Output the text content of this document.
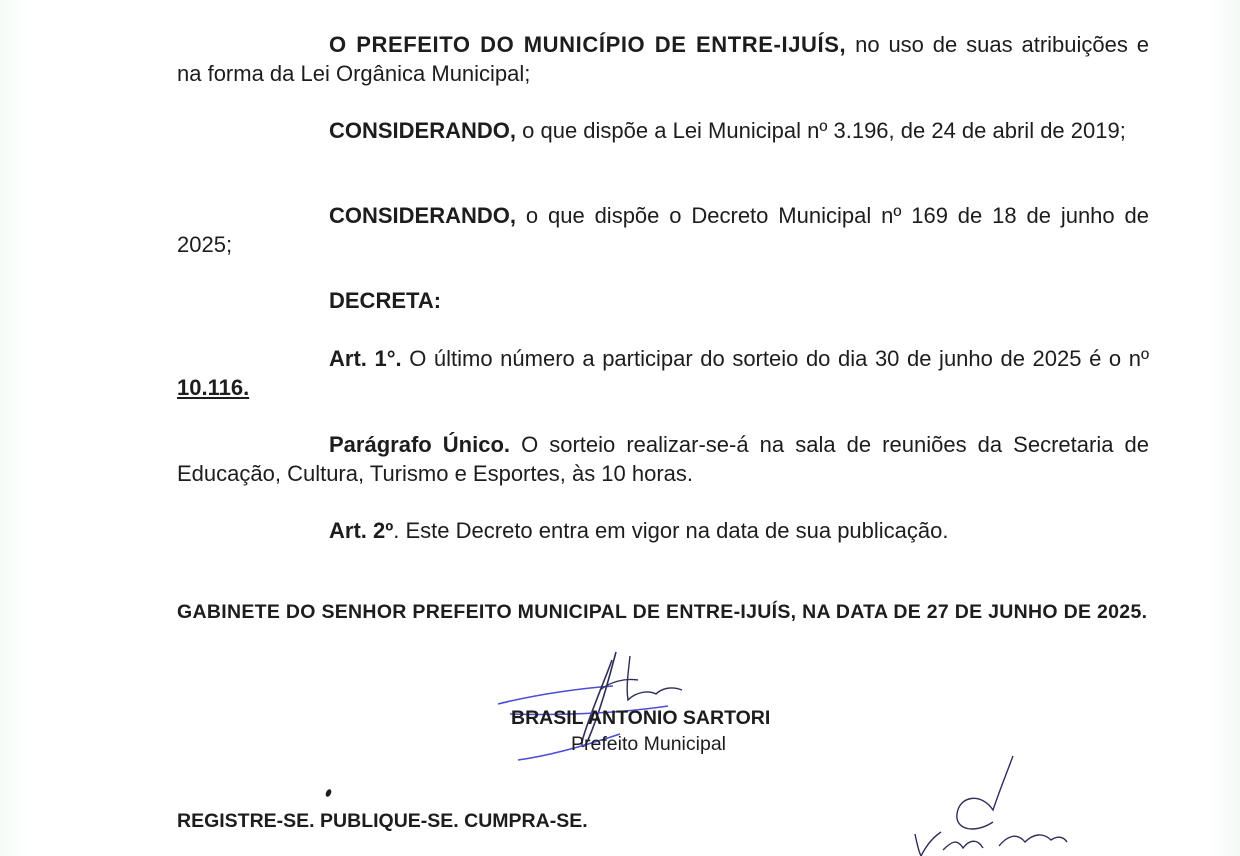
O PREFEITO DO MUNICÍPIO DE ENTRE-IJUÍS, no uso de suas atribuições e na forma da Lei Orgânica Municipal;
CONSIDERANDO, o que dispõe a Lei Municipal nº 3.196, de 24 de abril de 2019;
CONSIDERANDO, o que dispõe o Decreto Municipal nº 169 de 18 de junho de 2025;
DECRETA:
Art. 1°. O último número a participar do sorteio do dia 30 de junho de 2025 é o nº 10.116.
Parágrafo Único. O sorteio realizar-se-á na sala de reuniões da Secretaria de Educação, Cultura, Turismo e Esportes, às 10 horas.
Art. 2º. Este Decreto entra em vigor na data de sua publicação.
GABINETE DO SENHOR PREFEITO MUNICIPAL DE ENTRE-IJUÍS, NA DATA DE 27 DE JUNHO DE 2025.
BRASIL ANTONIO SARTORI
Prefeito Municipal
REGISTRE-SE. PUBLIQUE-SE. CUMPRA-SE.
